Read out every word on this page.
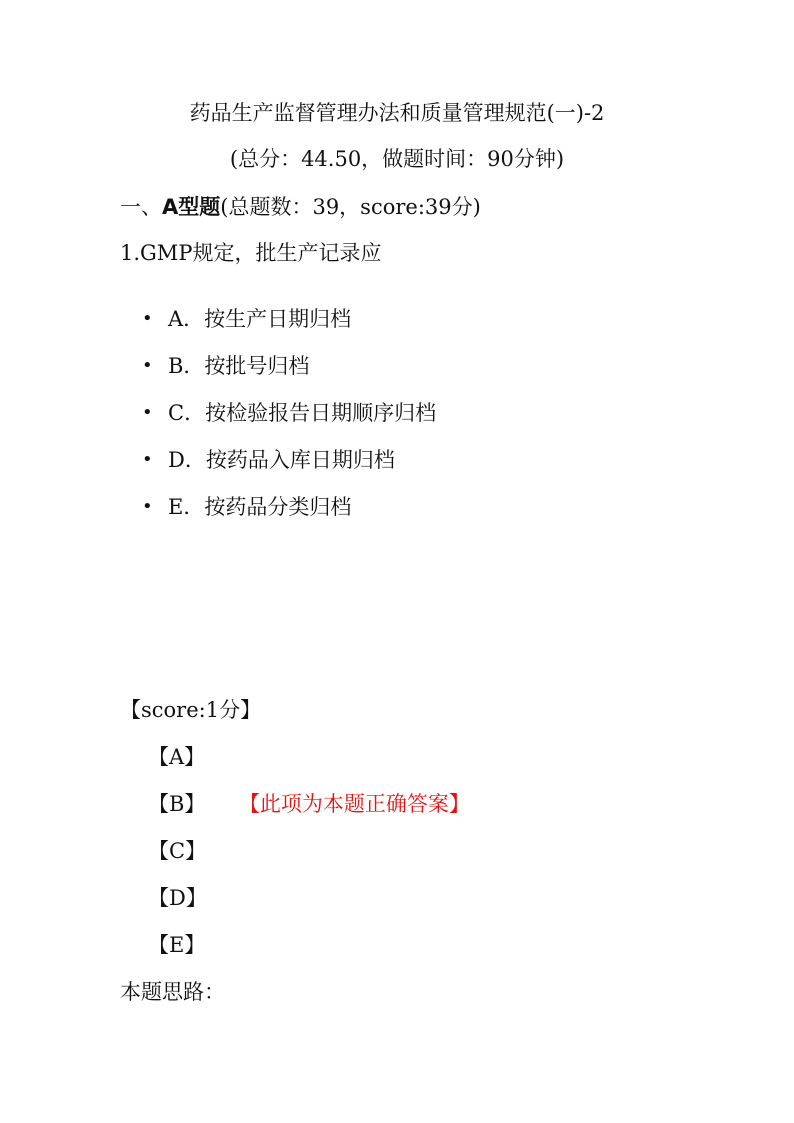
药品生产监督管理办法和质量管理规范(一)-2
(总分：44.50，做题时间：90分钟)
一、A型题(总题数：39，score:39分)
1.GMP规定，批生产记录应
• A．按生产日期归档
• B．按批号归档
• C．按检验报告日期顺序归档
• D．按药品入库日期归档
• E．按药品分类归档
【score:1分】
【A】
【B】 【此项为本题正确答案】
【C】
【D】
【E】
本题思路：
